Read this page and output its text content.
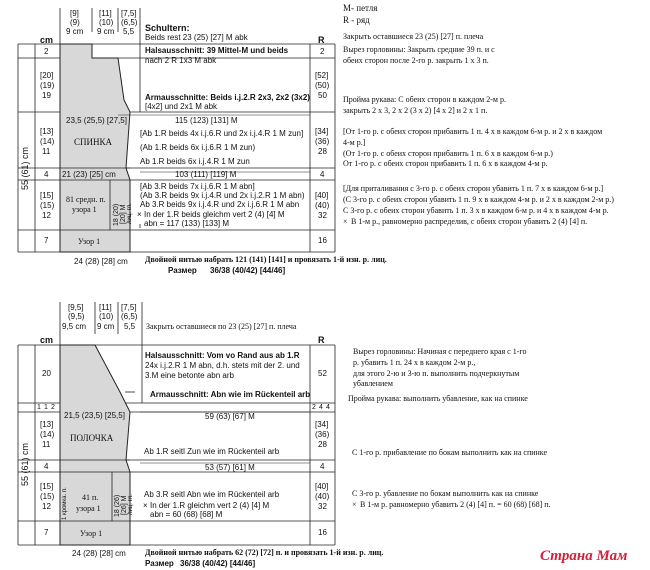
М- петля
R - ряд
[9]
(9)
9 cm
[11]
(10)
9 cm
[7,5]
(6,5)
5,5 Schultern:
Beids rest 23 (25) [27] M abk
cm	R
2
[20]
(19)
19
[13]
(14)
11
4
[15]
(15)
12
7
55 (61) cm
2
[52]
(50)
50
[34]
(36)
28
4
[40]
(40)
32
16
Halsausschnitt: 39 Mittel-M und beids
nach 2 R 1x3 M abk
Armausschnitte: Beids i.j.2.R 2x3, 2x2 (3x2)
[4x2] und 2x1 M abk
115 (123) [131] M
23,5 (25,5) [27,5]
СПИНКА
[Ab 1.R beids 4x i.j.6.R und 2x i.j.4.R 1 M zun]
(Ab 1.R beids 6x i.j.6.R 1 M zun)
Ab 1.R beids 6x i.j.4.R 1 M zun
103 (111) [119] M
21 (23) [25] cm
[Ab 3.R beids 7x i.j.6.R 1 M abn]
(Ab 3.R beids 9x i.j.4.R und 2x i.j.2.R 1 M abn)
Ab 3.R beids 9x i.j.4.R und 2x i.j.6.R 1 M abn
× In der 1.R beids gleichm vert 2 (4) [4] M
abn = 117 (133) [133] M
81 средн. п.
узора 1 18 (20) [20] M лиц. гл.
Узор 1
24 (28) [28] cm Двойной нитью набрать 121 (141) [141] и провязать 1-й изн. р. лиц.
Размер 36/38 (40/42) [44/46]
Закрыть оставшиеся 23 (25) [27] п. плеча
Вырез горловины: Закрыть средние 39 п. и с
обеих сторон после 2-го р. закрыть 1 х 3 п.
Пройма рукава: С обеих сторон в каждом 2-м р.
закрыть 2 х 3, 2 х 2 (3 х 2) [4 х 2] и 2 х 1 п.
[От 1-го р. с обеих сторон прибавить 1 п. 4 х в каждом 6-м р. и 2 х в каждом
4-м р.]
(От 1-го р. с обеих сторон прибавить 1 п. 6 х в каждом 6-м р.)
От 1-го р. с обеих сторон прибавить 1 п. 6 х в каждом 4-м р.
[Для приталивания с 3-го р. с обеих сторон убавить 1 п. 7 х в каждом 6-м р.]
(С 3-го р. с обеих сторон убавить 1 п. 9 х в каждом 4-м р. и 2 х в каждом 2-м р.)
С 3-го р. с обеих сторон убавить 1 п. 3 х в каждом 6-м р. и 4 х в каждом 4-м р.
× В 1-м р., равномерно распределив, с обеих сторон убавить 2 (4) [4] п.
[9,5]
(9,5)
9,5 cm
[11]
(10)
9 cm
[7,5]
(6,5)
5,5 Закрыть оставшиеся по 23 (25) [27] п. плеча
cm	R
20
1 1 2
[13]
(14)
11
4
[15]
(15)
12
7
55 (61) cm
52
2 4 4
[34]
(36)
28
4
[40]
(40)
32
16
Halsausschnitt: Vom vo Rand aus ab 1.R
24x i.j.2.R 1 M abn, d.h. stets mit der 2. und
3.M eine betonte abn arb
Armausschnitt: Abn wie im Rückenteil arb
59 (63) [67] M
21,5 (23,5) [25,5]
ПОЛОЧКА
Ab 1.R seitl Zun wie im Rückenteil arb
53 (57) [61] M
Ab 3.R seitl Abn wie im Rückenteil arb
× In der 1.R gleichm vert 2 (4) [4] M
abn = 60 (68) [68] M
41 п.
узора 1 18 (26) [26] M лиц. гл.
1 кромка. п.
Узор 1
24 (28) [28] cm Двойной нитью набрать 62 (72) [72] п. и провязать 1-й изн. р. лиц.
Размер 36/38 (40/42) [44/46]
Вырез горловины: Начиная с переднего края с 1-го
р. убавить 1 п. 24 х в каждом 2-м р.,
для этого 2-ю и 3-ю п. выполнить подчеркнутым
убавлением
Пройма рукава: выполнить убавление, как на спинке
С 1-го р. прибавление по бокам выполнить как на спинке
С 3-го р. убавление по бокам выполнить как на спинке
× В 1-м р. равномерно убавить 2 (4) [4] п. = 60 (68) [68] п.
Страна Мам
